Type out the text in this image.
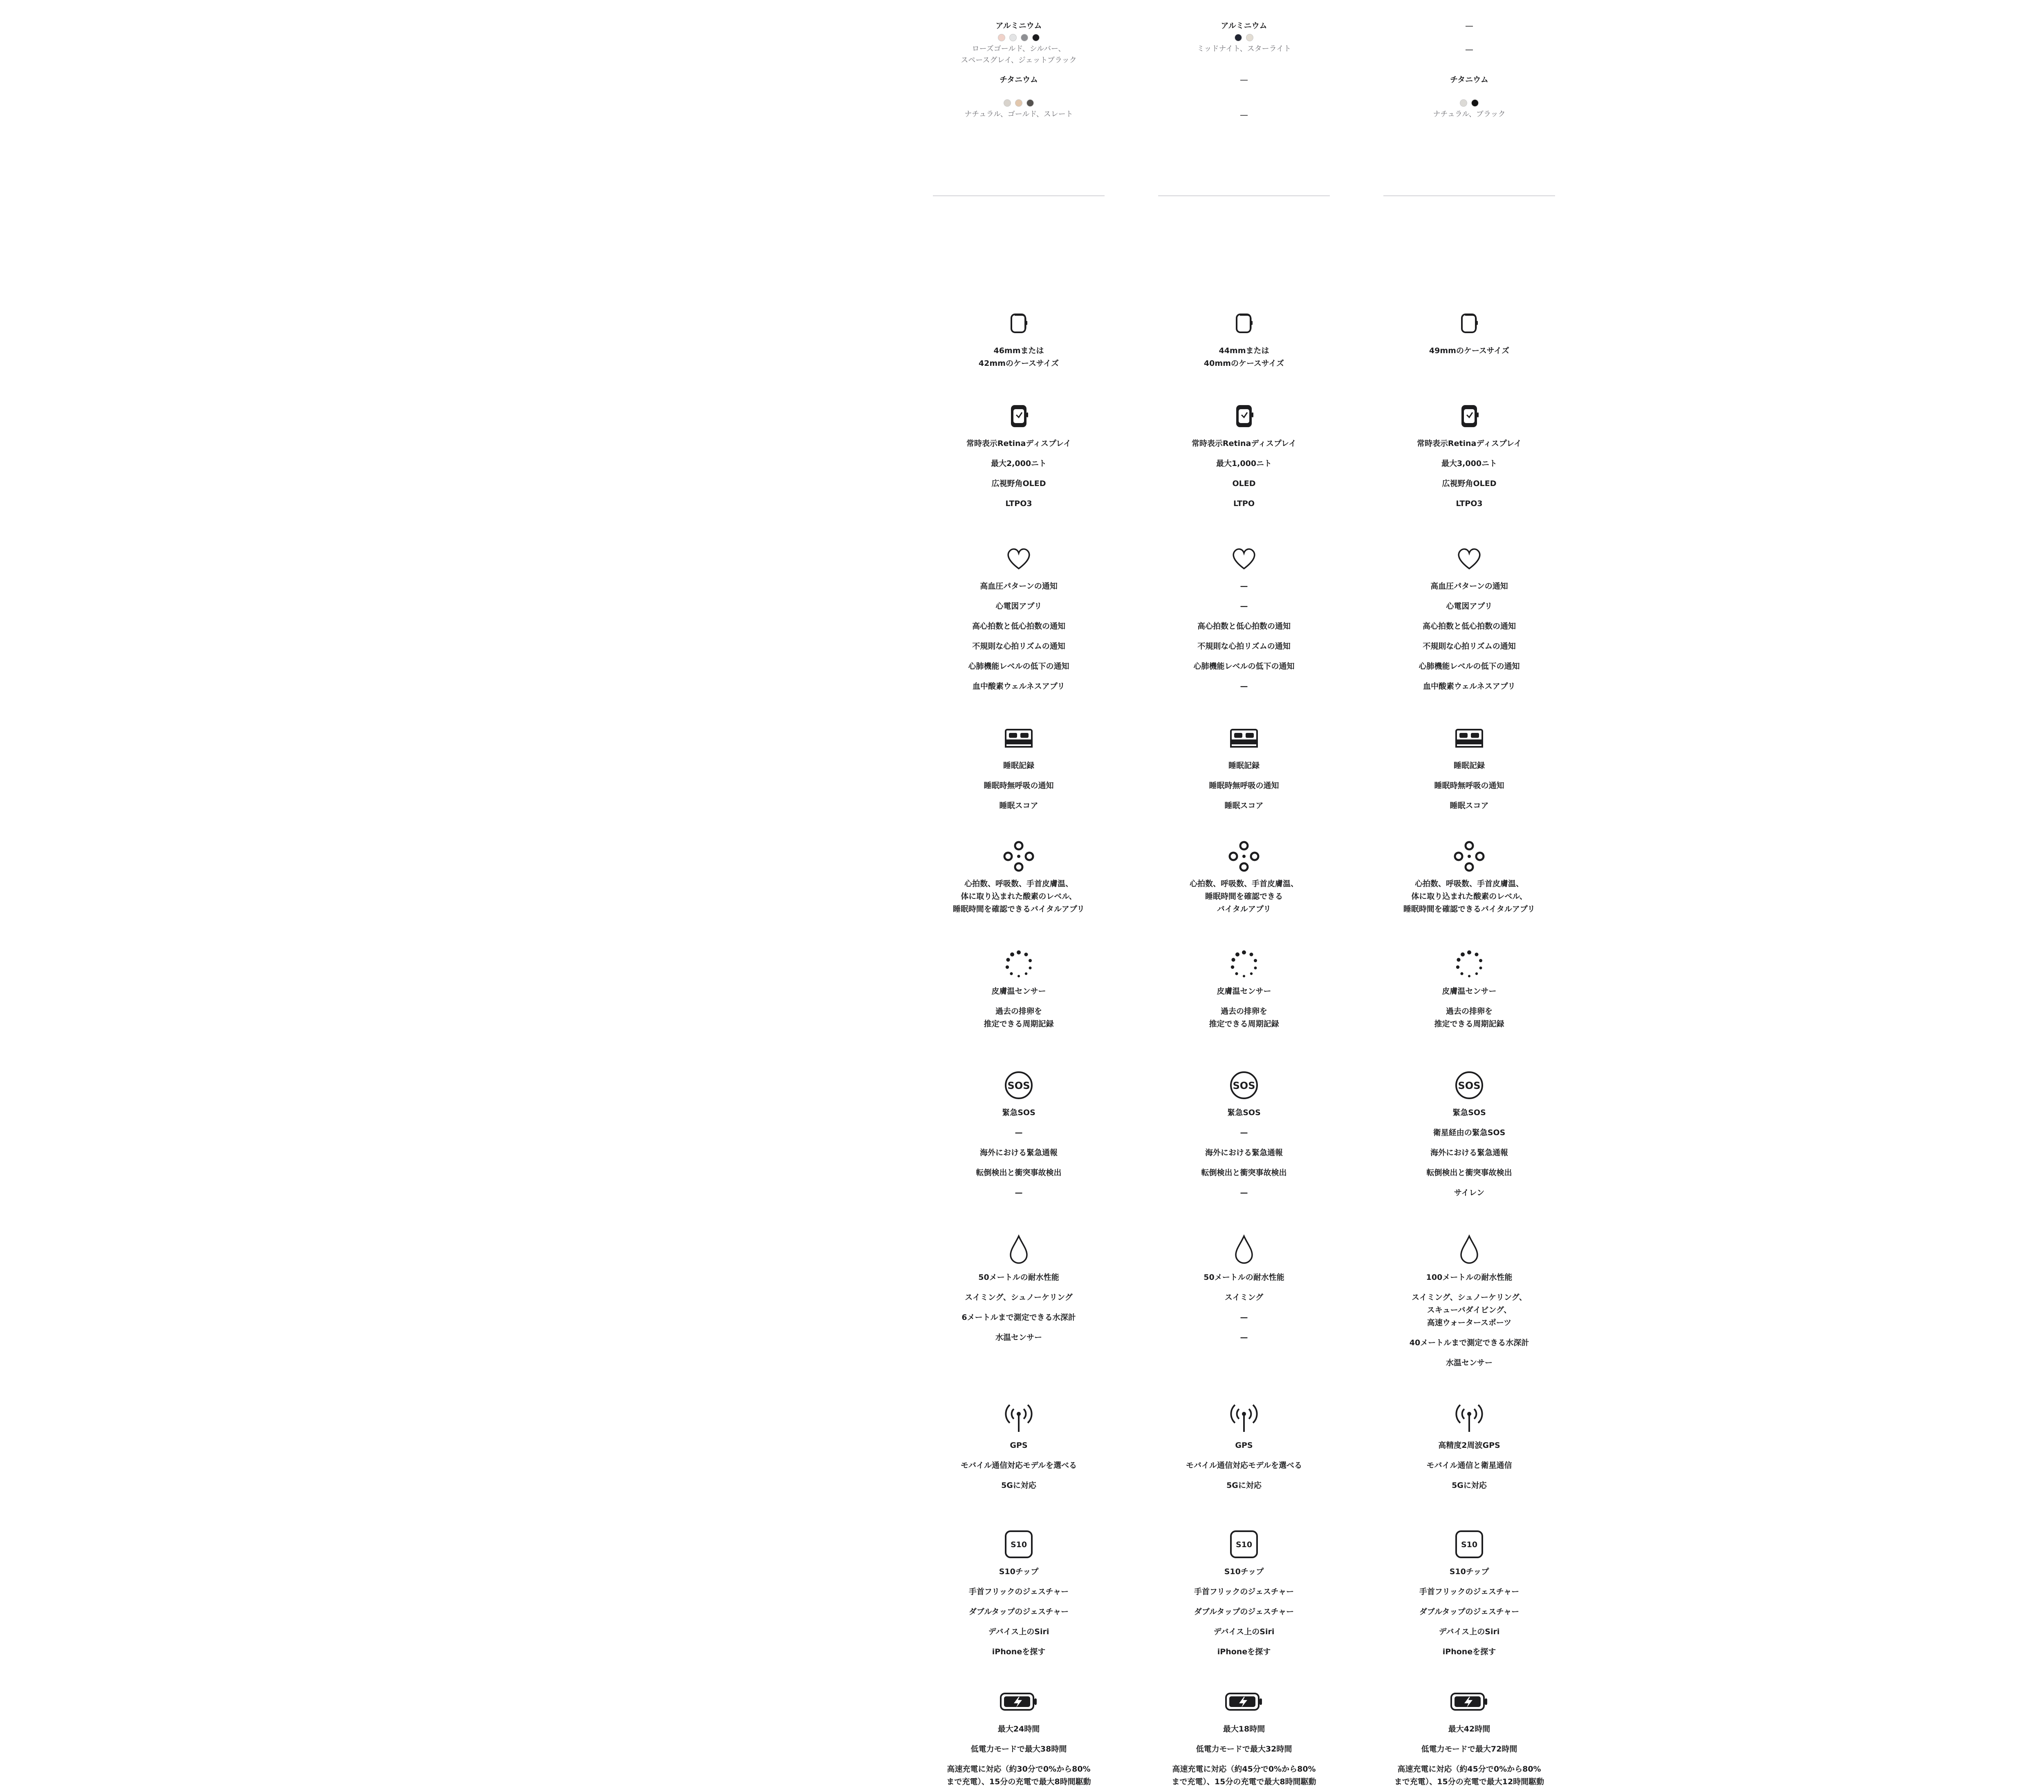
アルミニウム
ローズゴールド、シルバー、
スペースグレイ、ジェットブラック
チタニウム
ナチュラル、ゴールド、スレート
46mmまたは
42mmのケースサイズ
常時表示Retinaディスプレイ
最大2,000ニト
広視野角OLED
LTPO3
高血圧パターンの通知
心電図アプリ
高心拍数と低心拍数の通知
不規則な心拍リズムの通知
心肺機能レベルの低下の通知
血中酸素ウェルネスアプリ
睡眠記録
睡眠時無呼吸の通知
睡眠スコア
心拍数、呼吸数、手首皮膚温、
体に取り込まれた酸素のレベル、
睡眠時間を確認できるバイタルアプリ
皮膚温センサー
過去の排卵を
推定できる周期記録
SOS
緊急SOS
—
海外における緊急通報
転倒検出と衝突事故検出
—
50メートルの耐水性能
スイミング、シュノーケリング
6メートルまで測定できる水深計
水温センサー
GPS
モバイル通信対応モデルを選べる
5Gに対応
S10
S10チップ
手首フリックのジェスチャー
ダブルタップのジェスチャー
デバイス上のSiri
iPhoneを探す
最大24時間
低電力モードで最大38時間
高速充電に対応（約30分で0%から80%
まで充電）、15分の充電で最大8時間駆動
アルミニウム
ミッドナイト、スターライト
—
—
44mmまたは
40mmのケースサイズ
常時表示Retinaディスプレイ
最大1,000ニト
OLED
LTPO
—
—
高心拍数と低心拍数の通知
不規則な心拍リズムの通知
心肺機能レベルの低下の通知
—
睡眠記録
睡眠時無呼吸の通知
睡眠スコア
心拍数、呼吸数、手首皮膚温、
睡眠時間を確認できる
バイタルアプリ
皮膚温センサー
過去の排卵を
推定できる周期記録
SOS
緊急SOS
—
海外における緊急通報
転倒検出と衝突事故検出
—
50メートルの耐水性能
スイミング
—
—
GPS
モバイル通信対応モデルを選べる
5Gに対応
S10
S10チップ
手首フリックのジェスチャー
ダブルタップのジェスチャー
デバイス上のSiri
iPhoneを探す
最大18時間
低電力モードで最大32時間
高速充電に対応（約45分で0%から80%
まで充電）、15分の充電で最大8時間駆動
—
—
チタニウム
ナチュラル、ブラック
49mmのケースサイズ
常時表示Retinaディスプレイ
最大3,000ニト
広視野角OLED
LTPO3
高血圧パターンの通知
心電図アプリ
高心拍数と低心拍数の通知
不規則な心拍リズムの通知
心肺機能レベルの低下の通知
血中酸素ウェルネスアプリ
睡眠記録
睡眠時無呼吸の通知
睡眠スコア
心拍数、呼吸数、手首皮膚温、
体に取り込まれた酸素のレベル、
睡眠時間を確認できるバイタルアプリ
皮膚温センサー
過去の排卵を
推定できる周期記録
SOS
緊急SOS
衛星経由の緊急SOS
海外における緊急通報
転倒検出と衝突事故検出
サイレン
100メートルの耐水性能
スイミング、シュノーケリング、
スキューバダイビング、
高速ウォータースポーツ
40メートルまで測定できる水深計
水温センサー
高精度2周波GPS
モバイル通信と衛星通信
5Gに対応
S10
S10チップ
手首フリックのジェスチャー
ダブルタップのジェスチャー
デバイス上のSiri
iPhoneを探す
最大42時間
低電力モードで最大72時間
高速充電に対応（約45分で0%から80%
まで充電）、15分の充電で最大12時間駆動
